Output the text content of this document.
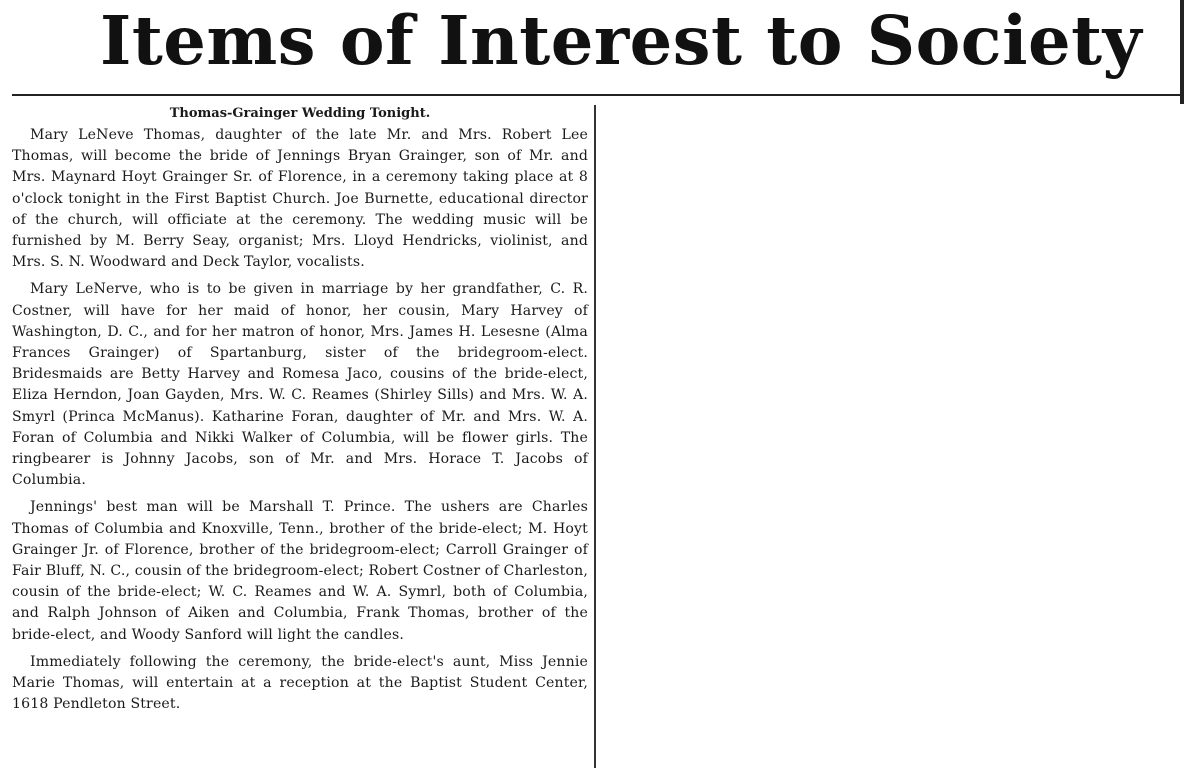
Items of Interest to Society
Thomas-Grainger Wedding Tonight.

Mary LeNeve Thomas, daughter of the late Mr. and Mrs. Robert Lee Thomas, will become the bride of Jennings Bryan Grainger, son of Mr. and Mrs. Maynard Hoyt Grainger Sr. of Florence, in a ceremony taking place at 8 o'clock tonight in the First Baptist Church. Joe Burnette, educational director of the church, will officiate at the ceremony. The wedding music will be furnished by M. Berry Seay, organist; Mrs. Lloyd Hendricks, violinist, and Mrs. S. N. Woodward and Deck Taylor, vocalists.

Mary LeNerve, who is to be given in marriage by her grandfather, C. R. Costner, will have for her maid of honor, her cousin, Mary Harvey of Washington, D. C., and for her matron of honor, Mrs. James H. Lesesne (Alma Frances Grainger) of Spartanburg, sister of the bridegroom-elect. Bridesmaids are Betty Harvey and Romesa Jaco, cousins of the bride-elect, Eliza Herndon, Joan Gayden, Mrs. W. C. Reames (Shirley Sills) and Mrs. W. A. Smyrl (Princa McManus). Katharine Foran, daughter of Mr. and Mrs. W. A. Foran of Columbia and Nikki Walker of Columbia, will be flower girls. The ringbearer is Johnny Jacobs, son of Mr. and Mrs. Horace T. Jacobs of Columbia.

Jennings' best man will be Marshall T. Prince. The ushers are Charles Thomas of Columbia and Knoxville, Tenn., brother of the bride-elect; M. Hoyt Grainger Jr. of Florence, brother of the bridegroom-elect; Carroll Grainger of Fair Bluff, N. C., cousin of the bridegroom-elect; Robert Costner of Charleston, cousin of the bride-elect; W. C. Reames and W. A. Symrl, both of Columbia, and Ralph Johnson of Aiken and Columbia, Frank Thomas, brother of the bride-elect, and Woody Sanford will light the candles.

Immediately following the ceremony, the bride-elect's aunt, Miss Jennie Marie Thomas, will entertain at a reception at the Baptist Student Center, 1618 Pendleton Street.
